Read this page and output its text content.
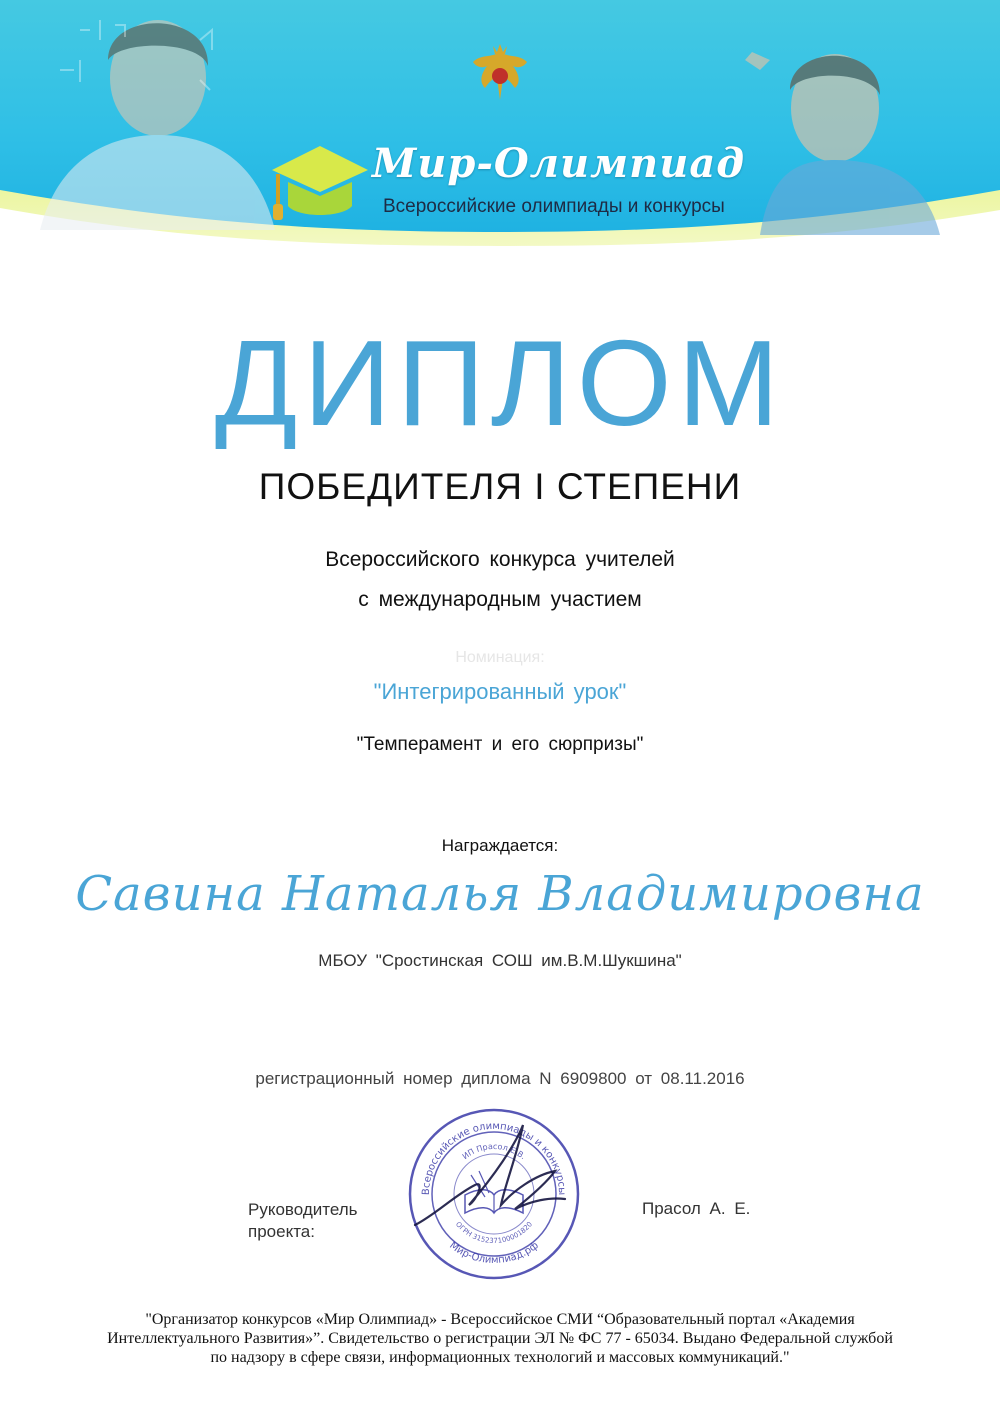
Мир-Олимпиад
Всероссийские олимпиады и конкурсы
ДИПЛОМ
ПОБЕДИТЕЛЯ I СТЕПЕНИ
Всероссийского конкурса учителей
с международным участием
Номинация:
"Интегрированный урок"
"Темперамент и его сюрпризы"
Награждается:
Савина Наталья Владимировна
МБОУ "Сростинская СОШ им.В.М.Шукшина"
регистрационный номер диплома N 6909800 от 08.11.2016
Руководитель
проекта:
Всероссийские олимпиады и конкурсы
Мир-Олимпиад.рф
ИП Прасол Е.В.
ОГРН 315237100001820
Прасол А. Е.
"Организатор конкурсов «Мир Олимпиад» - Всероссийское СМИ “Образовательный портал «Академия
Интеллектуального Развития»”. Свидетельство о регистрации ЭЛ № ФС 77 - 65034. Выдано Федеральной службой
по надзору в сфере связи, информационных технологий и массовых коммуникаций."
